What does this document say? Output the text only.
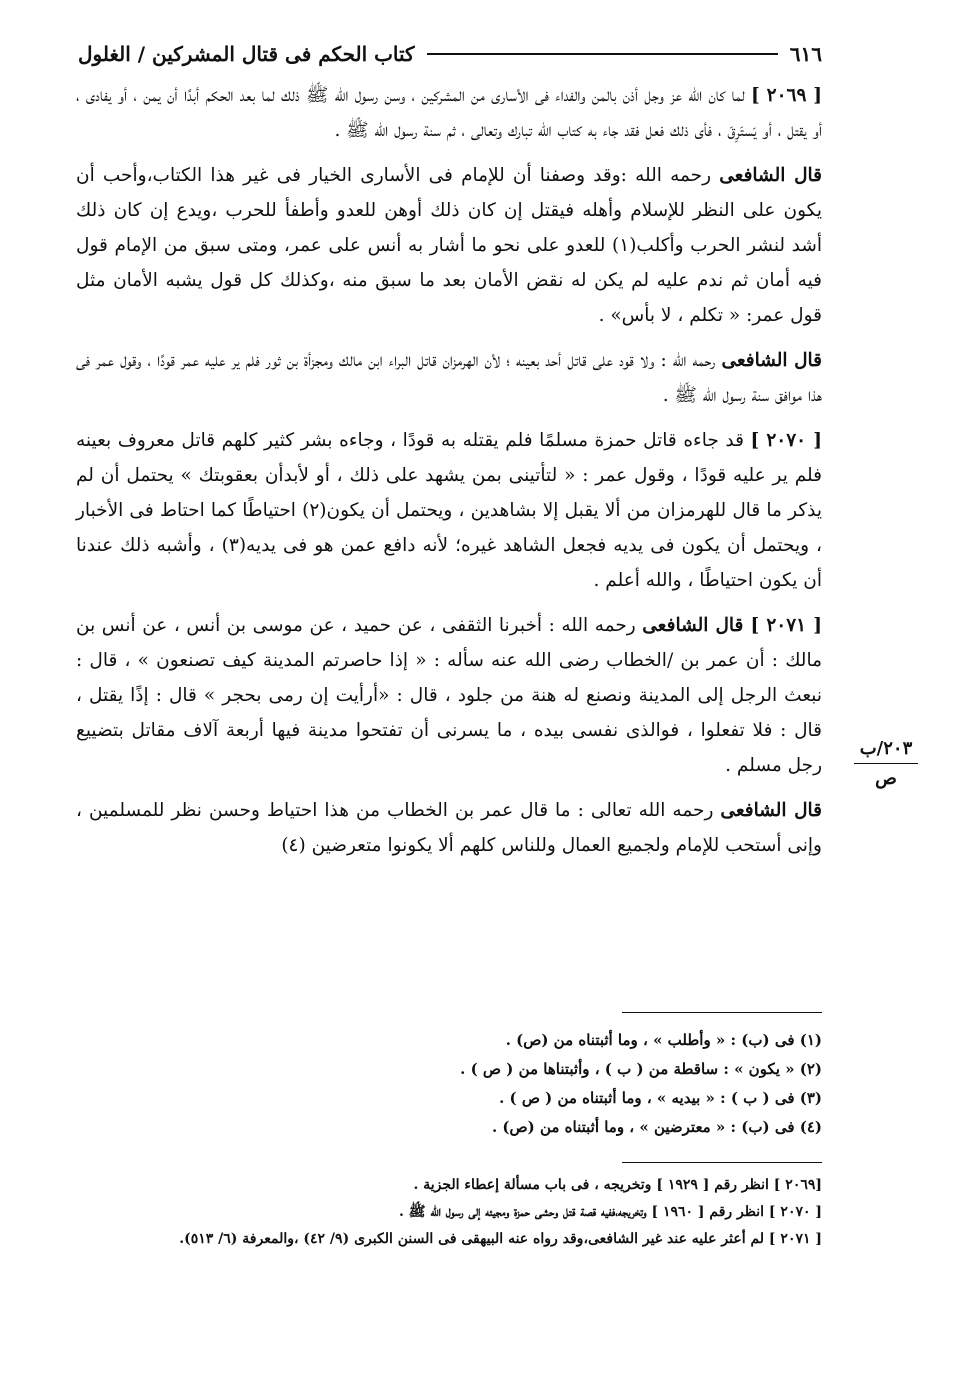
٦١٦
كتاب الحكم فى قتال المشركين / الغلول

[ ٢٠٦٩ ] لما كان الله عز وجل أذن بالمن والفداء فى الأسارى من المشركين ، وسن رسول الله ﷺ ذلك لما بعد الحكم أبدًا أن يمن ، أو يفادى ، أو يقتل ، أو يَستَرِقَ ، فأى ذلك فعل فقد جاء به كتاب الله تبارك وتعالى ، ثم سنة رسول الله ﷺ .

قال الشافعى رحمه الله :وقد وصفنا أن للإمام فى الأسارى الخيار فى غير هذا الكتاب،وأحب أن يكون على النظر للإسلام وأهله فيقتل إن كان ذلك أوهن للعدو وأطفأ للحرب ،ويدع إن كان ذلك أشد لنشر الحرب وأكلب(١) للعدو على نحو ما أشار به أنس على عمر، ومتى سبق من الإمام قول فيه أمان ثم ندم عليه لم يكن له نقض الأمان بعد ما سبق منه ،وكذلك كل قول يشبه الأمان مثل قول عمر: « تكلم ، لا بأس» .

قال الشافعى رحمه الله : ولا قود على قاتل أحد بعينه ؛ لأن الهرمزان قاتل البراء ابن مالك ومجزأة بن ثور فلم ير عليه عمر قودًا ، وقول عمر فى هذا موافق سنة رسول الله ﷺ .

[ ٢٠٧٠ ] قد جاءه قاتل حمزة مسلمًا فلم يقتله به قودًا ، وجاءه بشر كثير كلهم قاتل معروف بعينه فلم ير عليه قودًا ، وقول عمر : « لتأتينى بمن يشهد على ذلك ، أو لأبدأن بعقوبتك » يحتمل أن لم يذكر ما قال للهرمزان من ألا يقبل إلا بشاهدين ، ويحتمل أن يكون(٢) احتياطًا كما احتاط فى الأخبار ، ويحتمل أن يكون فى يديه فجعل الشاهد غيره؛ لأنه دافع عمن هو فى يديه(٣) ، وأشبه ذلك عندنا أن يكون احتياطًا ، والله أعلم .

[ ٢٠٧١ ] قال الشافعى رحمه الله : أخبرنا الثقفى ، عن حميد ، عن موسى بن أنس ، عن أنس بن مالك : أن عمر بن /الخطاب رضى الله عنه سأله : « إذا حاصرتم المدينة كيف تصنعون » ، قال : نبعث الرجل إلى المدينة ونصنع له هنة من جلود ، قال : «أرأيت إن رمى بحجر » قال : إذًا يقتل ، قال : فلا تفعلوا ، فوالذى نفسى بيده ، ما يسرنى أن تفتحوا مدينة فيها أربعة آلاف مقاتل بتضييع رجل مسلم .

قال الشافعى رحمه الله تعالى : ما قال عمر بن الخطاب من هذا احتياط وحسن نظر للمسلمين ، وإنى أستحب للإمام ولجميع العمال وللناس كلهم ألا يكونوا متعرضين (٤)

٢٠٣/ب
ص
(١) فى (ب) : « وأطلب » ، وما أثبتناه من (ص) .
(٢) « يكون » : ساقطة من ( ب ) ، وأثبتناها من ( ص ) .
(٣) فى ( ب ) : « بيديه » ، وما أثبتناه من ( ص ) .
(٤) فى (ب) : « معترضين » ، وما أثبتناه من (ص) .
[٢٠٦٩ ] انظر رقم [ ١٩٢٩ ] وتخريجه ، فى باب مسألة إعطاء الجزية .
[ ٢٠٧٠ ] انظر رقم [ ١٩٦٠ ] وتخريجه،ففيه قصة قتل وحشى حمزة ومجيئه إلى رسول الله ﷺ .
[ ٢٠٧١ ] لم أعثر عليه عند غير الشافعى،وقد رواه عنه البيهقى فى السنن الكبرى (٩/ ٤٢) ،والمعرفة (٦/ ٥١٣).
